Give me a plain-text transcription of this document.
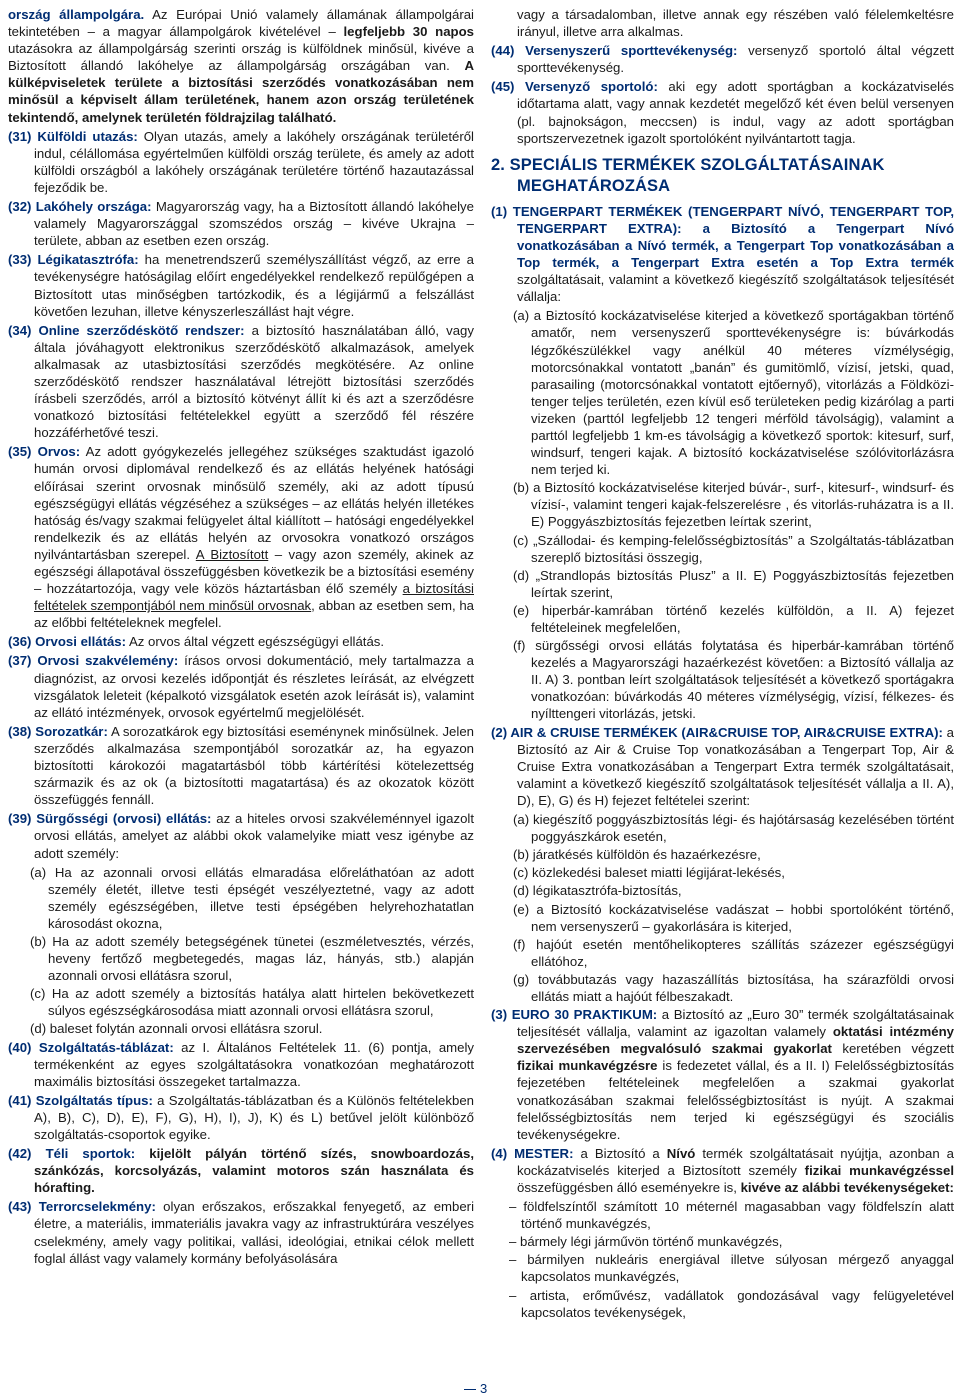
ország állampolgára. Az Európai Unió valamely államának állampolgárai tekintetében – a magyar állampolgárok kivételével – legfeljebb 30 napos utazásokra az állampolgárság szerinti ország is külföldnek minősül, kivéve a Biztosított állandó lakóhelye az állampolgárság országában van. A külképviseletek területe a biztosítási szerződés vonatkozásában nem minősül a képviselt állam területének, hanem azon ország területének tekintendő, amelynek területén földrajzilag található.

(31) Külföldi utazás: Olyan utazás, amely a lakóhely országának területéről indul, célállomása egyértelműen külföldi ország területe, és amely az adott külföldi országból a lakóhely országának területére történő hazautazással fejeződik be.

(32) Lakóhely országa: Magyarország vagy, ha a Biztosított állandó lakóhelye valamely Magyarországgal szomszédos ország – kivéve Ukrajna – területe, abban az esetben ezen ország.

(33) Légikatasztrófa: ha menetrendszerű személyszállítást végző, az erre a tevékenységre hatóságilag előírt engedélyekkel rendelkező repülőgépen a Biztosított utas minőségben tartózkodik, és a légijármű a felszállást követően lezuhan, illetve kényszerleszállást hajt végre.

(34) Online szerződéskötő rendszer: a biztosító használatában álló, vagy általa jóváhagyott elektronikus szerződéskötő alkalmazások, amelyek alkalmasak az utasbiztosítási szerződés megkötésére. Az online szerződéskötő rendszer használatával létrejött biztosítási szerződés írásbeli szerződés, arról a biztosító kötvényt állít ki és azt a szerződésre vonatkozó biztosítási feltételekkel együtt a szerződő fél részére hozzáférhetővé teszi.

(35) Orvos: Az adott gyógykezelés jellegéhez szükséges szaktudást igazoló humán orvosi diplomával rendelkező és az ellátás helyének hatósági előírásai szerint orvosnak minősülő személy, aki az adott típusú egészségügyi ellátás végzéséhez a szükséges – az ellátás helyén illetékes hatóság és/vagy szakmai felügyelet által kiállított – hatósági engedélyekkel rendelkezik és az ellátás helyén az orvosokra vonatkozó országos nyilvántartásban szerepel. A Biztosított – vagy azon személy, akinek az egészségi állapotával összefüggésben következik be a biztosítási esemény – hozzátartozója, vagy vele közös háztartásban élő személy a biztosítási feltételek szempontjából nem minősül orvosnak, abban az esetben sem, ha az előbbi feltételeknek megfelel.

(36) Orvosi ellátás: Az orvos által végzett egészségügyi ellátás.

(37) Orvosi szakvélemény: írásos orvosi dokumentáció, mely tartalmazza a diagnózist, az orvosi kezelés időpontját és részletes leírását, az elvégzett vizsgálatok leleteit (képalkotó vizsgálatok esetén azok leírását is), valamint az ellátó intézmények, orvosok egyértelmű megjelölését.

(38) Sorozatkár: A sorozatkárok egy biztosítási eseménynek minősülnek. Jelen szerződés alkalmazása szempontjából sorozatkár az, ha egyazon biztosítotti károkozói magatartásból több kártérítési kötelezettség származik és az ok (a biztosítotti magatartása) és az okozatok között összefüggés fennáll.

(39) Sürgősségi (orvosi) ellátás: az a hiteles orvosi szakvéleménnyel igazolt orvosi ellátás, amelyet az alábbi okok valamelyike miatt vesz igénybe az adott személy:

(a) Ha az azonnali orvosi ellátás elmaradása előreláthatóan az adott személy életét, illetve testi épségét veszélyeztetné, vagy az adott személy egészségében, illetve testi épségében helyrehozhatatlan károsodást okozna,

(b) Ha az adott személy betegségének tünetei (eszméletvesztés, vérzés, heveny fertőző megbetegedés, magas láz, hányás, stb.) alapján azonnali orvosi ellátásra szorul,

(c) Ha az adott személy a biztosítás hatálya alatt hirtelen bekövetkezett súlyos egészségkárosodása miatt azonnali orvosi ellátásra szorul,

(d) baleset folytán azonnali orvosi ellátásra szorul.

(40) Szolgáltatás-táblázat: az I. Általános Feltételek 11. (6) pontja, amely termékenként az egyes szolgáltatásokra vonatkozóan meghatározott maximális biztosítási összegeket tartalmazza.

(41) Szolgáltatás típus: a Szolgáltatás-táblázatban és a Különös feltételekben A), B), C), D), E), F), G), H), I), J), K) és L) betűvel jelölt különböző szolgáltatás-csoportok egyike.

(42) Téli sportok: kijelölt pályán történő sízés, snowboardozás, szánkózás, korcsolyázás, valamint motoros szán használata és hórafting.

(43) Terrorcselekmény: olyan erőszakos, erőszakkal fenyegető, az emberi életre, a materiális, immateriális javakra vagy az infrastruktúrára veszélyes cselekmény, amely vagy politikai, vallási, ideológiai, etnikai célok mellett foglal állást vagy valamely kormány befolyásolására

vagy a társadalomban, illetve annak egy részében való félelemkeltésre irányul, illetve arra alkalmas.

(44) Versenyszerű sporttevékenység: versenyző sportoló által végzett sporttevékenység.

(45) Versenyző sportoló: aki egy adott sportágban a kockázatviselés időtartama alatt, vagy annak kezdetét megelőző két éven belül versenyen (pl. bajnokságon, meccsen) is indul, vagy az adott sportágban sportszervezetnek igazolt sportolóként nyilvántartott tagja.

2. SPECIÁLIS TERMÉKEK SZOLGÁLTATÁSAINAK MEGHATÁROZÁSA

(1) TENGERPART TERMÉKEK (TENGERPART NÍVÓ, TENGERPART TOP, TENGERPART EXTRA): a Biztosító a Tengerpart Nívó vonatkozásában a Nívó termék, a Tengerpart Top vonatkozásában a Top termék, a Tengerpart Extra esetén a Top Extra termék szolgáltatásait, valamint a következő kiegészítő szolgáltatások teljesítését vállalja:

(a) a Biztosító kockázatviselése kiterjed a következő sportágakban történő amatőr, nem versenyszerű sporttevékenységre is: búvárkodás légzőkészülékkel vagy anélkül 40 méteres vízmélységig, motorcsónakkal vontatott „banán” és gumitömlő, vízisí, jetski, quad, parasailing (motorcsónakkal vontatott ejtőernyő), vitorlázás a Földközi-tenger teljes területén, ezen kívül eső területeken pedig kizárólag a parti vizeken (parttól legfeljebb 12 tengeri mérföld távolságig), valamint a parttól legfeljebb 1 km-es távolságig a következő sportok: kitesurf, surf, windsurf, tengeri kajak. A biztosító kockázatviselése szólóvitorlázásra nem terjed ki.

(b) a Biztosító kockázatviselése kiterjed búvár-, surf-, kitesurf-, windsurf- és vízisí-, valamint tengeri kajak-felszerelésre , és vitorlás-ruházatra is a II. E) Poggyászbiztosítás fejezetben leírtak szerint,

(c) „Szállodai- és kemping-felelősségbiztosítás” a Szolgáltatás-táblázatban szereplő biztosítási összegig,

(d) „Strandlopás biztosítás Plusz” a II. E) Poggyászbiztosítás fejezetben leírtak szerint,

(e) hiperbár-kamrában történő kezelés külföldön, a II. A) fejezet feltételeinek megfelelően,

(f) sürgősségi orvosi ellátás folytatása és hiperbár-kamrában történő kezelés a Magyarországi hazaérkezést követően: a Biztosító vállalja az II. A) 3. pontban leírt szolgáltatások teljesítését a következő sportágakra vonatkozóan: búvárkodás 40 méteres vízmélységig, vízisí, félkezes- és nyílttengeri vitorlázás, jetski.

(2) AIR & CRUISE TERMÉKEK (AIR&CRUISE TOP, AIR&CRUISE EXTRA): a Biztosító az Air & Cruise Top vonatkozásában a Tengerpart Top, Air & Cruise Extra vonatkozásában a Tengerpart Extra termék szolgáltatásait, valamint a következő kiegészítő szolgáltatások teljesítését vállalja a II. A), D), E), G) és H) fejezet feltételei szerint:

(a) kiegészítő poggyászbiztosítás légi- és hajótársaság kezelésében történt poggyászkárok esetén,

(b) járatkésés külföldön és hazaérkezésre,

(c) közlekedési baleset miatti légijárat-lekésés,

(d) légikatasztrófa-biztosítás,

(e) a Biztosító kockázatviselése vadászat – hobbi sportolóként történő, nem versenyszerű – gyakorlására is kiterjed,

(f) hajóút esetén mentőhelikopteres szállítás százezer egészségügyi ellátóhoz,

(g) továbbutazás vagy hazaszállítás biztosítása, ha szárazföldi orvosi ellátás miatt a hajóút félbeszakadt.

(3) EURO 30 PRAKTIKUM: a Biztosító az „Euro 30” termék szolgáltatásainak teljesítését vállalja, valamint az igazoltan valamely oktatási intézmény szervezésében megvalósuló szakmai gyakorlat keretében végzett fizikai munkavégzésre is fedezetet vállal, és a II. I) Felelősségbiztosítás fejezetében feltételeinek megfelelően a szakmai gyakorlat vonatkozásában szakmai felelősségbiztosítást is nyújt. A szakmai felelősségbiztosítás nem terjed ki egészségügyi és szociális tevékenységekre.

(4) MESTER: a Biztosító a Nívó termék szolgáltatásait nyújtja, azonban a kockázatviselés kiterjed a Biztosított személy fizikai munkavégzéssel összefüggésben álló eseményekre is, kivéve az alábbi tevékenységeket:

– földfelszíntől számított 10 méternél magasabban vagy földfelszín alatt történő munkavégzés,

– bármely légi járművön történő munkavégzés,

– bármilyen nukleáris energiával illetve súlyosan mérgező anyaggal kapcsolatos munkavégzés,

– artista, erőművész, vadállatok gondozásával vagy felügyeletével kapcsolatos tevékenységek,

3
